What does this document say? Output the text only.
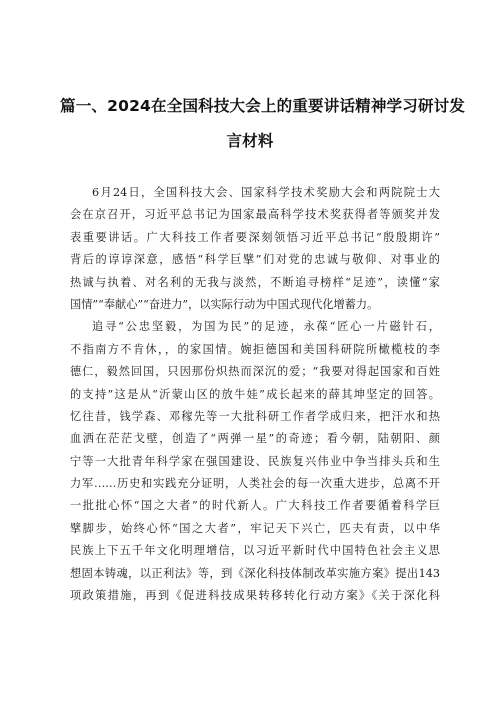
篇一、2024在全国科技大会上的重要讲话精神学习研讨发
言材料
6月24日，全国科技大会、国家科学技术奖励大会和两院院士大
会在京召开，习近平总书记为国家最高科学技术奖获得者等颁奖并发
表重要讲话。广大科技工作者要深刻领悟习近平总书记“殷殷期许”
背后的谆谆深意，感悟“科学巨擘”们对党的忠诚与敬仰、对事业的
热诚与执着、对名利的无我与淡然，不断追寻榜样“足迹”，读懂“家
国情”“奉献心”“奋进力”，以实际行动为中国式现代化增蓄力。
追寻“公忠坚毅，为国为民”的足迹，永葆“匠心一片磁针石，
不指南方不肯休，，的家国情。婉拒德国和美国科研院所橄榄枝的李
德仁，毅然回国，只因那份炽热而深沉的爱；“我要对得起国家和百姓
的支持”这是从“沂蒙山区的放牛娃”成长起来的薛其坤坚定的回答。
忆往昔，钱学森、邓稼先等一大批科研工作者学成归来，把汗水和热
血洒在茫茫戈壁，创造了“两弹一星”的奇迹；看今朝，陆朝阳、颜
宁等一大批青年科学家在强国建设、民族复兴伟业中争当排头兵和生
力军……历史和实践充分证明，人类社会的每一次重大进步，总离不开
一批批心怀“国之大者”的时代新人。广大科技工作者要循着科学巨
擘脚步，始终心怀“国之大者”，牢记天下兴亡，匹夫有责，以中华
民族上下五千年文化明理增信，以习近平新时代中国特色社会主义思
想固本铸魂，以正利法》等，到《深化科技体制改革实施方案》提出143
项政策措施，再到《促进科技成果转移转化行动方案》《关于深化科
